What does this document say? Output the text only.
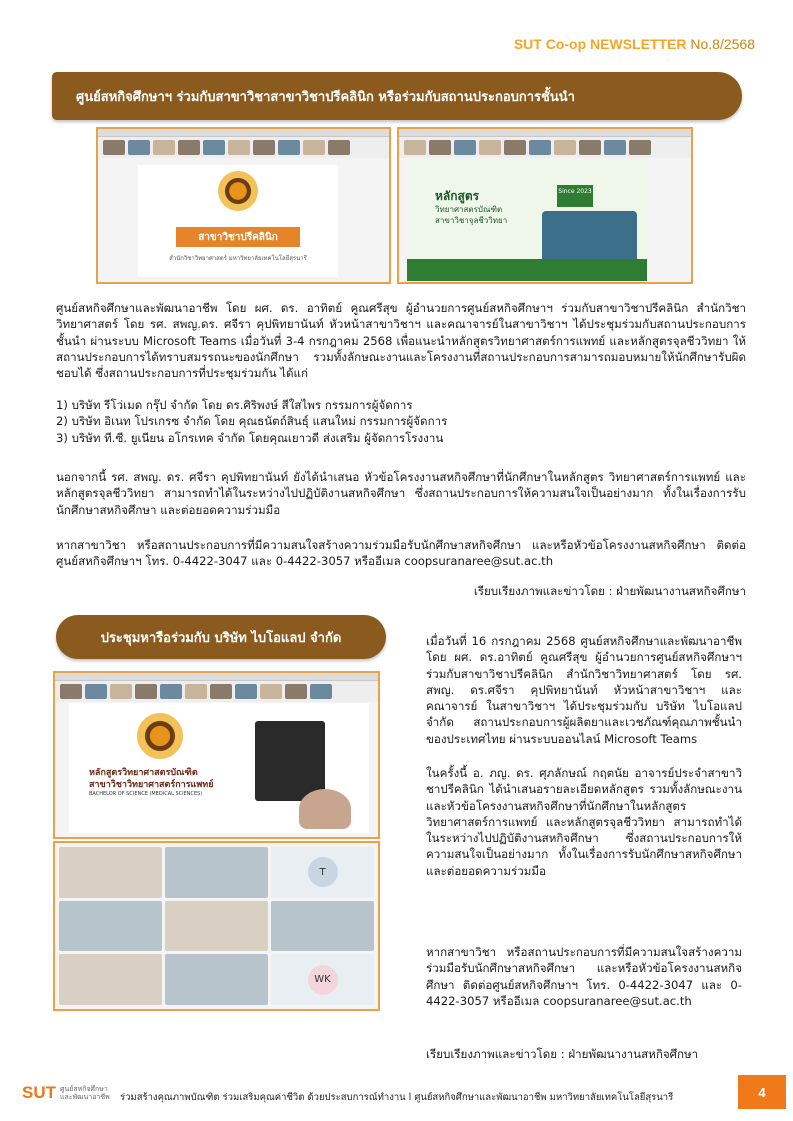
SUT Co-op NEWSLETTER No.8/2568
ศูนย์สหกิจศึกษาฯ ร่วมกับสาขาวิชาสาขาวิชาปรีคลินิก หรือร่วมกับสถานประกอบการชั้นนำ
สาขาวิชาปรีคลินิก
สำนักวิชาวิทยาศาสตร์ มหาวิทยาลัยเทคโนโลยีสุรนารี
หลักสูตร
วิทยาศาสตรบัณฑิต
สาขาวิชาจุลชีววิทยา
Since 2023

ศูนย์สหกิจศึกษาและพัฒนาอาชีพ โดย ผศ. ดร. อาทิตย์ คูณศรีสุข ผู้อำนวยการศูนย์สหกิจศึกษาฯ ร่วมกับสาขาวิชาปรีคลินิก สำนักวิชาวิทยาศาสตร์ โดย รศ. สพญ.ดร. ศจีรา คุปพิทยานันท์ หัวหน้าสาขาวิชาฯ และคณาจารย์ในสาขาวิชาฯ ได้ประชุมร่วมกับสถานประกอบการชั้นนำ ผ่านระบบ Microsoft Teams เมื่อวันที่ 3-4 กรกฎาคม 2568 เพื่อแนะนำหลักสูตรวิทยาศาสตร์การแพทย์ และหลักสูตรจุลชีววิทยา ให้สถานประกอบการได้ทราบสมรรถนะของนักศึกษา รวมทั้งลักษณะงานและโครงงานที่สถานประกอบการสามารถมอบหมายให้นักศึกษารับผิดชอบได้ ซึ่งสถานประกอบการที่ประชุมร่วมกัน ได้แก่

1) บริษัท รีโว่เมด กรุ๊ป จำกัด โดย ดร.ศิริพงษ์ สีใสไพร กรรมการผู้จัดการ
2) บริษัท อิเนท โปรเกรซ จำกัด โดย คุณธนัตถ์สินธุ์ แสนใหม่ กรรมการผู้จัดการ
3) บริษัท ที.ซี. ยูเนียน อโกรเทค จำกัด โดยคุณเยาวดี ส่งเสริม ผู้จัดการโรงงาน
นอกจากนี้ รศ. สพญ. ดร. ศจีรา คุปพิทยานันท์ ยังได้นำเสนอ หัวข้อโครงงานสหกิจศึกษาที่นักศึกษาในหลักสูตร วิทยาศาสตร์การแพทย์ และหลักสูตรจุลชีววิทยา สามารถทำได้ในระหว่างไปปฏิบัติงานสหกิจศึกษา ซึ่งสถานประกอบการให้ความสนใจเป็นอย่างมาก ทั้งในเรื่องการรับนักศึกษาสหกิจศึกษา และต่อยอดความร่วมมือ
หากสาขาวิชา หรือสถานประกอบการที่มีความสนใจสร้างความร่วมมือรับนักศึกษาสหกิจศึกษา และหรือหัวข้อโครงงานสหกิจศึกษา ติดต่อศูนย์สหกิจศึกษาฯ โทร. 0-4422-3047 และ 0-4422-3057 หรืออีเมล coopsuranaree@sut.ac.th
เรียบเรียงภาพและข่าวโดย : ฝ่ายพัฒนางานสหกิจศึกษา
ประชุมหารือร่วมกับ บริษัท ไบโอแลป จำกัด
หลักสูตรวิทยาศาสตรบัณฑิต
สาขาวิชาวิทยาศาสตร์การแพทย์
BACHELOR OF SCIENCE (MEDICAL SCIENCES)
T
WK
เมื่อวันที่ 16 กรกฎาคม 2568 ศูนย์สหกิจศึกษาและพัฒนาอาชีพ โดย ผศ. ดร.อาทิตย์ คูณศรีสุข ผู้อำนวยการศูนย์สหกิจศึกษาฯ ร่วมกับสาขาวิชาปรีคลินิก สำนักวิชาวิทยาศาสตร์ โดย รศ. สพญ. ดร.ศจีรา คุปพิทยานันท์ หัวหน้าสาขาวิชาฯ และคณาจารย์ ในสาขาวิชาฯ ได้ประชุมร่วมกับ บริษัท ไบโอแลป จำกัด สถานประกอบการผู้ผลิตยาและเวชภัณฑ์คุณภาพชั้นนำของประเทศไทย ผ่านระบบออนไลน์ Microsoft Teams
ในครั้งนี้ อ. ภญ. ดร. ศุภลักษณ์ กฤตนัย อาจารย์ประจำสาขาวิชาปรีคลินิก ได้นำเสนอรายละเอียดหลักสูตร รวมทั้งลักษณะงานและหัวข้อโครงงานสหกิจศึกษาที่นักศึกษาในหลักสูตร วิทยาศาสตร์การแพทย์ และหลักสูตรจุลชีววิทยา สามารถทำได้ในระหว่างไปปฏิบัติงานสหกิจศึกษา ซึ่งสถานประกอบการให้ความสนใจเป็นอย่างมาก ทั้งในเรื่องการรับนักศึกษาสหกิจศึกษา และต่อยอดความร่วมมือ
หากสาขาวิชา หรือสถานประกอบการที่มีความสนใจสร้างความร่วมมือรับนักศึกษาสหกิจศึกษา และหรือหัวข้อโครงงานสหกิจศึกษา ติดต่อศูนย์สหกิจศึกษาฯ โทร. 0-4422-3047 และ 0-4422-3057 หรืออีเมล coopsuranaree@sut.ac.th
เรียบเรียงภาพและข่าวโดย : ฝ่ายพัฒนางานสหกิจศึกษา
SUT ศูนย์สหกิจศึกษา
และพัฒนาอาชีพ ร่วมสร้างคุณภาพบัณฑิต ร่วมเสริมคุณค่าชีวิต ด้วยประสบการณ์ทำงาน l ศูนย์สหกิจศึกษาและพัฒนาอาชีพ มหาวิทยาลัยเทคโนโลยีสุรนารี	4
